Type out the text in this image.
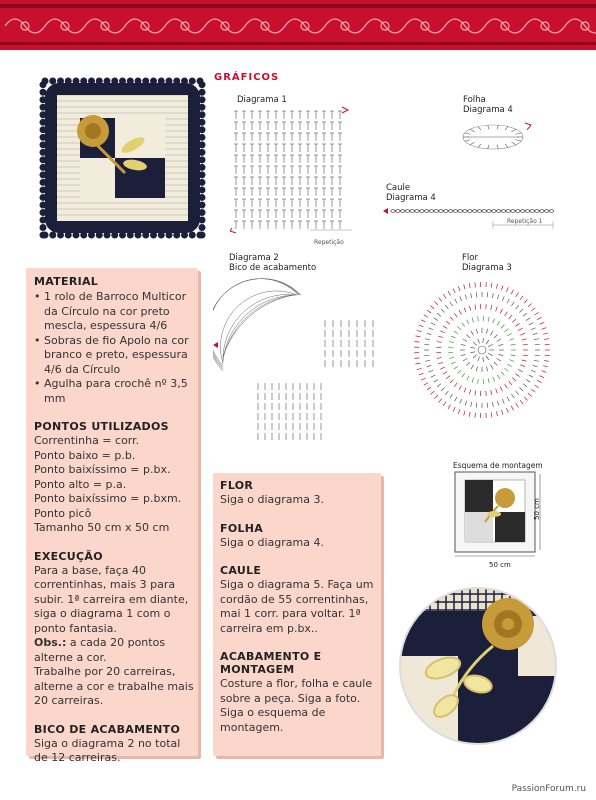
GRÁFICOS
Diagrama 1
Repetição
Folha
Diagrama 4
Caule
Diagrama 4
Repetição 1
Diagrama 2
Bico de acabamento
Flor
Diagrama 3
Esquema de montagem
50 cm
50 cm

MATERIAL

• 1 rolo de Barroco Multicor da Círculo na cor preto mescla, espessura 4/6

• Sobras de fio Apolo na cor branco e preto, espessura 4/6 da Círculo

• Agulha para crochê nº 3,5 mm

PONTOS UTILIZADOS

Correntinha = corr.

Ponto baixo = p.b.

Ponto baixíssimo = p.bx.

Ponto alto = p.a.

Ponto baixíssimo = p.bxm.

Ponto picô

Tamanho 50 cm x 50 cm

EXECUÇÃO

Para a base, faça 40 correntinhas, mais 3 para subir. 1ª carreira em diante, siga o diagrama 1 com o ponto fantasia.

Obs.: a cada 20 pontos alterne a cor.

Trabalhe por 20 carreiras, alterne a cor e trabalhe mais 20 carreiras.

BICO DE ACABAMENTO

Siga o diagrama 2 no total de 12 carreiras.

FLOR

Siga o diagrama 3.

FOLHA

Siga o diagrama 4.

CAULE

Siga o diagrama 5. Faça um cordão de 55 correntinhas, mai 1 corr. para voltar. 1ª carreira em p.bx..

ACABAMENTO E MONTAGEM

Costure a flor, folha e caule sobre a peça. Siga a foto. Siga o esquema de montagem.

PassionForum.ru
